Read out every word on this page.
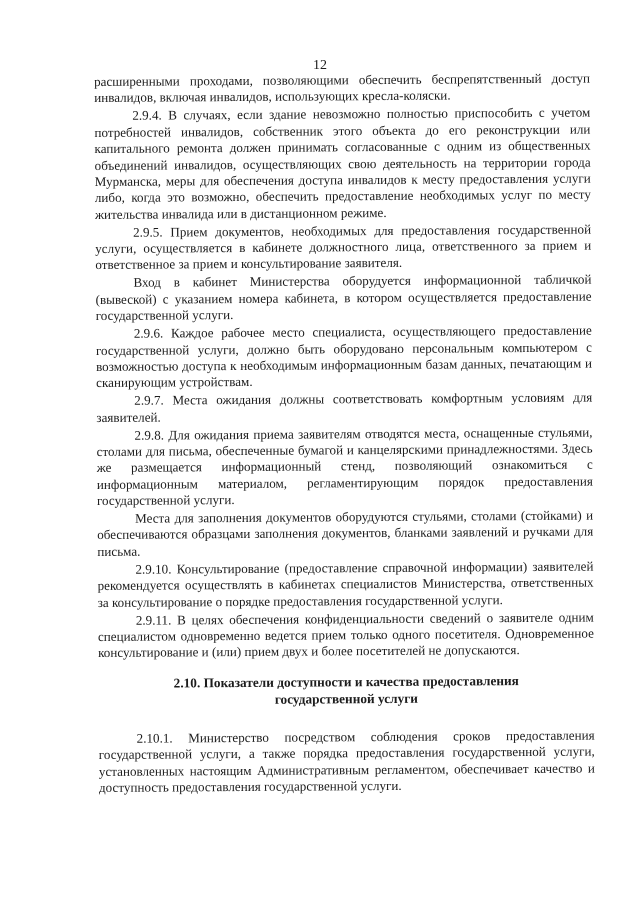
12

расширенными проходами, позволяющими обеспечить беспрепятственный доступ инвалидов, включая инвалидов, использующих кресла-коляски.

2.9.4. В случаях, если здание невозможно полностью приспособить с учетом потребностей инвалидов, собственник этого объекта до его реконструкции или капитального ремонта должен принимать согласованные с одним из общественных объединений инвалидов, осуществляющих свою деятельность на территории города Мурманска, меры для обеспечения доступа инвалидов к месту предоставления услуги либо, когда это возможно, обеспечить предоставление необходимых услуг по месту жительства инвалида или в дистанционном режиме.

2.9.5. Прием документов, необходимых для предоставления государственной услуги, осуществляется в кабинете должностного лица, ответственного за прием и ответственное за прием и консультирование заявителя.

Вход в кабинет Министерства оборудуется информационной табличкой (вывеской) с указанием номера кабинета, в котором осуществляется предоставление государственной услуги.

2.9.6. Каждое рабочее место специалиста, осуществляющего предоставление государственной услуги, должно быть оборудовано персональным компьютером с возможностью доступа к необходимым информационным базам данных, печатающим и сканирующим устройствам.

2.9.7. Места ожидания должны соответствовать комфортным условиям для заявителей.

2.9.8. Для ожидания приема заявителям отводятся места, оснащенные стульями, столами для письма, обеспеченные бумагой и канцелярскими принадлежностями. Здесь же размещается информационный стенд, позволяющий ознакомиться с информационным материалом, регламентирующим порядок предоставления государственной услуги.

Места для заполнения документов оборудуются стульями, столами (стойками) и обеспечиваются образцами заполнения документов, бланками заявлений и ручками для письма.

2.9.10. Консультирование (предоставление справочной информации) заявителей рекомендуется осуществлять в кабинетах специалистов Министерства, ответственных за консультирование о порядке предоставления государственной услуги.

2.9.11. В целях обеспечения конфиденциальности сведений о заявителе одним специалистом одновременно ведется прием только одного посетителя. Одновременное консультирование и (или) прием двух и более посетителей не допускаются.

2.10. Показатели доступности и качества предоставления государственной услуги

2.10.1. Министерство посредством соблюдения сроков предоставления государственной услуги, а также порядка предоставления государственной услуги, установленных настоящим Административным регламентом, обеспечивает качество и доступность предоставления государственной услуги.
